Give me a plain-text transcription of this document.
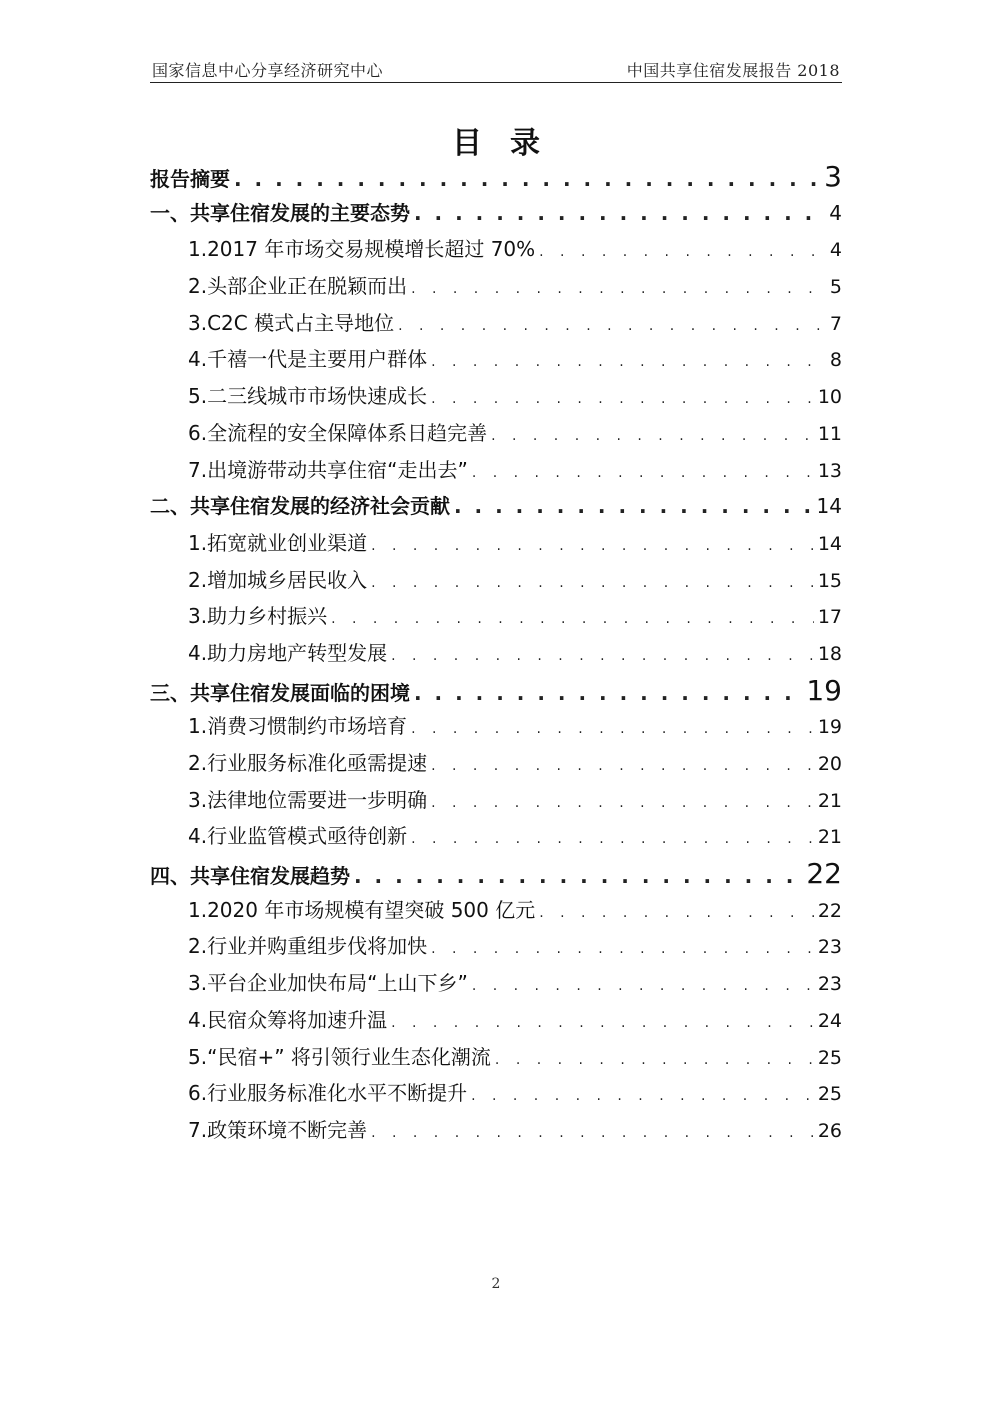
国家信息中心分享经济研究中心	中国共享住宿发展报告 2018
目录
报告摘要 . . .	3
一、共享住宿发展的主要态势 . . .	4
1.2017 年市场交易规模增长超过 70% . . .	4
2.头部企业正在脱颖而出 . . .	5
3.C2C 模式占主导地位 . . .	7
4.千禧一代是主要用户群体 . . .	8
5.二三线城市市场快速成长 . . .	10
6.全流程的安全保障体系日趋完善 . . .	11
7.出境游带动共享住宿“走出去” . . .	13
二、共享住宿发展的经济社会贡献 . . .	14
1.拓宽就业创业渠道 . . .	14
2.增加城乡居民收入 . . .	15
3.助力乡村振兴 . . .	17
4.助力房地产转型发展 . . .	18
三、共享住宿发展面临的困境 . . .	19
1.消费习惯制约市场培育 . . .	19
2.行业服务标准化亟需提速 . . .	20
3.法律地位需要进一步明确 . . .	21
4.行业监管模式亟待创新 . . .	21
四、共享住宿发展趋势 . . .	22
1.2020 年市场规模有望突破 500 亿元 . . .	22
2.行业并购重组步伐将加快 . . .	23
3.平台企业加快布局“上山下乡” . . .	23
4.民宿众筹将加速升温 . . .	24
5.“民宿+” 将引领行业生态化潮流 . . .	25
6.行业服务标准化水平不断提升 . . .	25
7.政策环境不断完善 . . .	26
2
